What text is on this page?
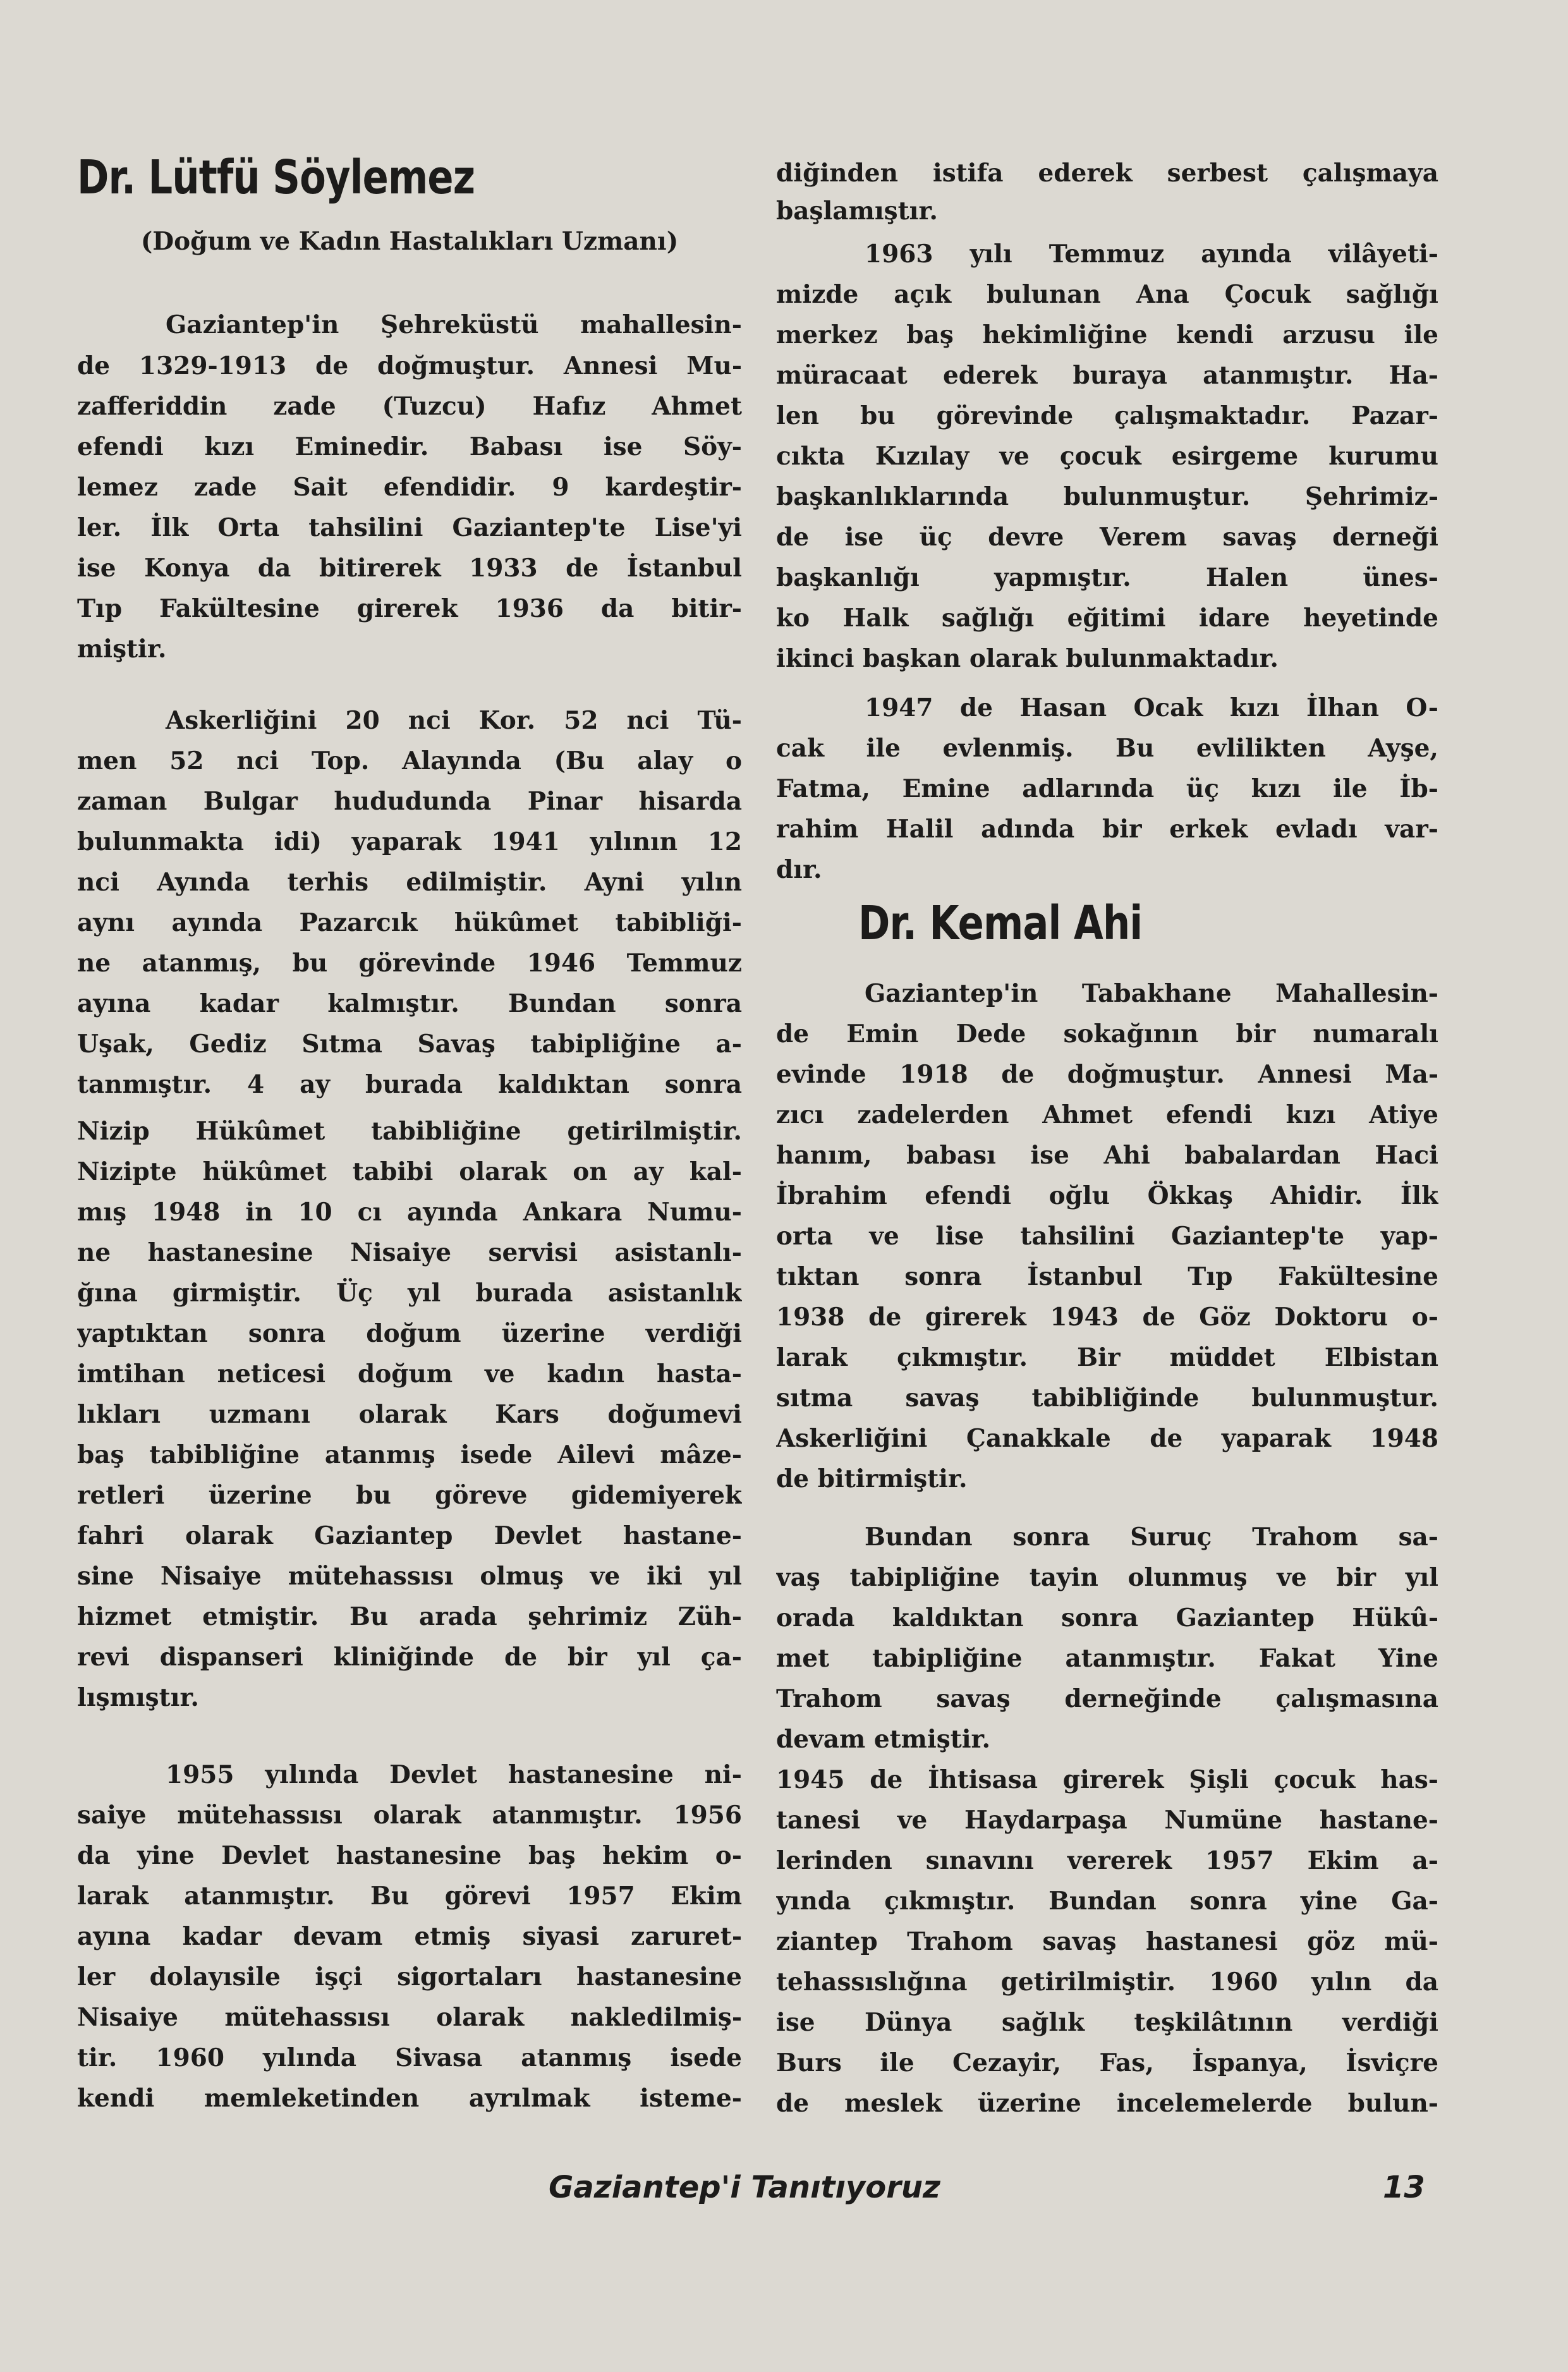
Dr. Lütfü Söylemez
(Doğum ve Kadın Hastalıkları Uzmanı)
Gaziantep'in Şehreküstü mahallesin-
de 1329-1913 de doğmuştur. Annesi Mu-
zafferiddin zade (Tuzcu) Hafız Ahmet
efendi kızı Eminedir. Babası ise Söy-
lemez zade Sait efendidir. 9 kardeştir-
ler. İlk Orta tahsilini Gaziantep'te Lise'yi
ise Konya da bitirerek 1933 de İstanbul
Tıp Fakültesine girerek 1936 da bitir-
miştir.
Askerliğini 20 nci Kor. 52 nci Tü-
men 52 nci Top. Alayında (Bu alay o
zaman Bulgar hududunda Pinar hisarda
bulunmakta idi) yaparak 1941 yılının 12
nci Ayında terhis edilmiştir. Ayni yılın
aynı ayında Pazarcık hükûmet tabibliği-
ne atanmış, bu görevinde 1946 Temmuz
ayına kadar kalmıştır. Bundan sonra
Uşak, Gediz Sıtma Savaş tabipliğine a-
tanmıştır. 4 ay burada kaldıktan sonra
Nizip Hükûmet tabibliğine getirilmiştir.
Nizipte hükûmet tabibi olarak on ay kal-
mış 1948 in 10 cı ayında Ankara Numu-
ne hastanesine Nisaiye servisi asistanlı-
ğına girmiştir. Üç yıl burada asistanlık
yaptıktan sonra doğum üzerine verdiği
imtihan neticesi doğum ve kadın hasta-
lıkları uzmanı olarak Kars doğumevi
baş tabibliğine atanmış isede Ailevi mâze-
retleri üzerine bu göreve gidemiyerek
fahri olarak Gaziantep Devlet hastane-
sine Nisaiye mütehassısı olmuş ve iki yıl
hizmet etmiştir. Bu arada şehrimiz Züh-
revi dispanseri kliniğinde de bir yıl ça-
lışmıştır.
1955 yılında Devlet hastanesine ni-
saiye mütehassısı olarak atanmıştır. 1956
da yine Devlet hastanesine baş hekim o-
larak atanmıştır. Bu görevi 1957 Ekim
ayına kadar devam etmiş siyasi zaruret-
ler dolayısile işçi sigortaları hastanesine
Nisaiye mütehassısı olarak nakledilmiş-
tir. 1960 yılında Sivasa atanmış isede
kendi memleketinden ayrılmak isteme-
diğinden istifa ederek serbest çalışmaya
başlamıştır.
1963 yılı Temmuz ayında vilâyeti-
mizde açık bulunan Ana Çocuk sağlığı
merkez baş hekimliğine kendi arzusu ile
müracaat ederek buraya atanmıştır. Ha-
len bu görevinde çalışmaktadır. Pazar-
cıkta Kızılay ve çocuk esirgeme kurumu
başkanlıklarında bulunmuştur. Şehrimiz-
de ise üç devre Verem savaş derneği
başkanlığı yapmıştır. Halen ünes-
ko Halk sağlığı eğitimi idare heyetinde
ikinci başkan olarak bulunmaktadır.
1947 de Hasan Ocak kızı İlhan O-
cak ile evlenmiş. Bu evlilikten Ayşe,
Fatma, Emine adlarında üç kızı ile İb-
rahim Halil adında bir erkek evladı var-
dır.
Dr. Kemal Ahi
Gaziantep'in Tabakhane Mahallesin-
de Emin Dede sokağının bir numaralı
evinde 1918 de doğmuştur. Annesi Ma-
zıcı zadelerden Ahmet efendi kızı Atiye
hanım, babası ise Ahi babalardan Haci
İbrahim efendi oğlu Ökkaş Ahidir. İlk
orta ve lise tahsilini Gaziantep'te yap-
tıktan sonra İstanbul Tıp Fakültesine
1938 de girerek 1943 de Göz Doktoru o-
larak çıkmıştır. Bir müddet Elbistan
sıtma savaş tabibliğinde bulunmuştur.
Askerliğini Çanakkale de yaparak 1948
de bitirmiştir.
Bundan sonra Suruç Trahom sa-
vaş tabipliğine tayin olunmuş ve bir yıl
orada kaldıktan sonra Gaziantep Hükû-
met tabipliğine atanmıştır. Fakat Yine
Trahom savaş derneğinde çalışmasına
devam etmiştir.
1945 de İhtisasa girerek Şişli çocuk has-
tanesi ve Haydarpaşa Numüne hastane-
lerinden sınavını vererek 1957 Ekim a-
yında çıkmıştır. Bundan sonra yine Ga-
ziantep Trahom savaş hastanesi göz mü-
tehassıslığına getirilmiştir. 1960 yılın da
ise Dünya sağlık teşkilâtının verdiği
Burs ile Cezayir, Fas, İspanya, İsviçre
de meslek üzerine incelemelerde bulun-
Gaziantep'i Tanıtıyoruz	13
